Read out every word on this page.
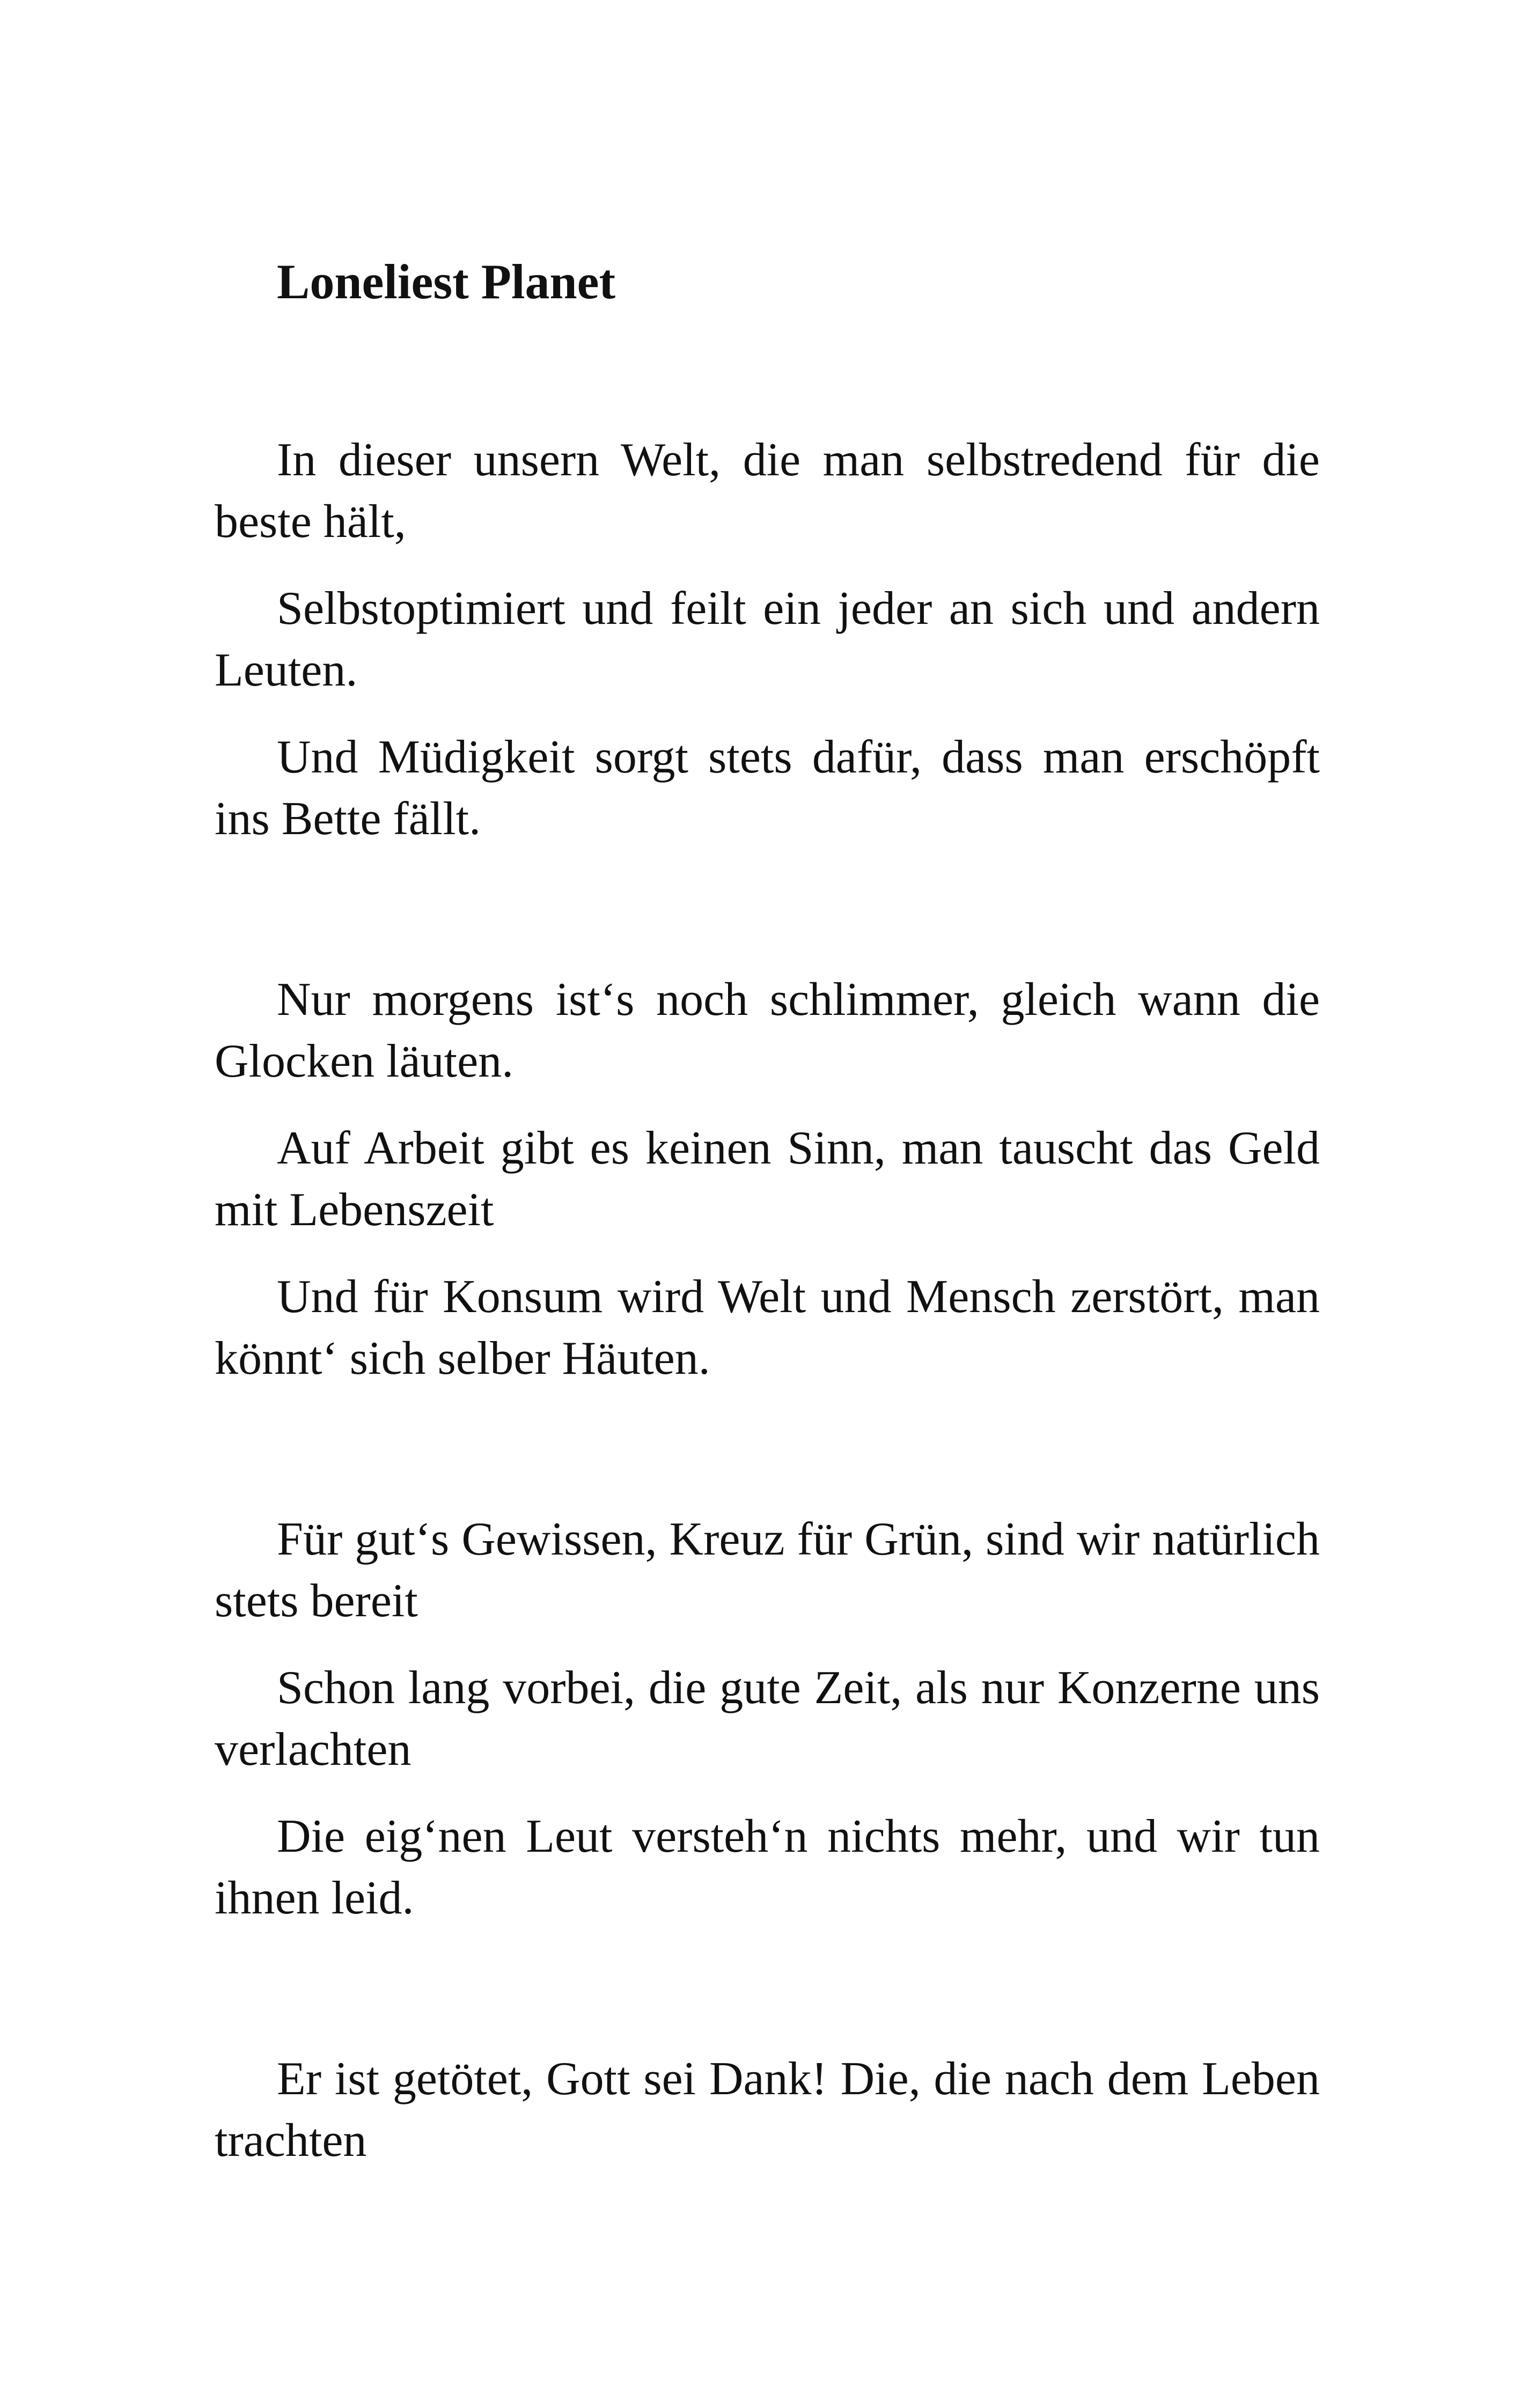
Loneliest Planet

In dieser unsern Welt, die man selbstredend für die beste hält,

Selbstoptimiert und feilt ein jeder an sich und andern Leuten.

Und Müdigkeit sorgt stets dafür, dass man erschöpft ins Bette fällt.

Nur morgens ist‘s noch schlimmer, gleich wann die Glocken läuten.

Auf Arbeit gibt es keinen Sinn, man tauscht das Geld mit Lebenszeit

Und für Konsum wird Welt und Mensch zerstört, man könnt‘ sich selber Häuten.

Für gut‘s Gewissen, Kreuz für Grün, sind wir natürlich stets bereit

Schon lang vorbei, die gute Zeit, als nur Konzerne uns verlachten

Die eig‘nen Leut versteh‘n nichts mehr, und wir tun ihnen leid.

Er ist getötet, Gott sei Dank! Die, die nach dem Leben trachten
